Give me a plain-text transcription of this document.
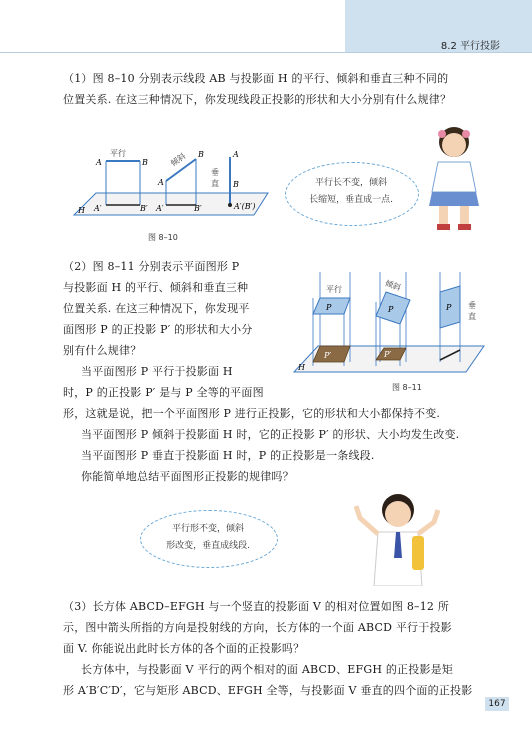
8.2 平行投影
（1）图 8–10 分别表示线段 AB 与投影面 H 的平行、倾斜和垂直三种不同的
位置关系. 在这三种情况下，你发现线段正投影的形状和大小分别有什么规律？
平行	倾斜
垂
直
A	B
A
B	A
B
A′	B′ A′	B′	A′(B′)
H
图 8–10
平行长不变，倾斜
长缩短，垂直成一点.
（2）图 8–11 分别表示平面图形 P
与投影面 H 的平行、倾斜和垂直三种
位置关系. 在这三种情况下，你发现平
面图形 P 的正投影 P′ 的形状和大小分
别有什么规律？
当平面图形 P 平行于投影面 H
时，P 的正投影 P′ 是与 P 全等的平面图
形，这就是说，把一个平面图形 P 进行正投影，它的形状和大小都保持不变.
当平面图形 P 倾斜于投影面 H 时，它的正投影 P′ 的形状、大小均发生改变.
当平面图形 P 垂直于投影面 H 时，P 的正投影是一条线段.
你能简单地总结平面图形正投影的规律吗？
平行	倾斜
垂
直
P	P	P
P′	P′
H
图 8–11
平行形不变，倾斜
形改变，垂直成线段.
（3）长方体 ABCD–EFGH 与一个竖直的投影面 V 的相对位置如图 8–12 所
示，图中箭头所指的方向是投射线的方向，长方体的一个面 ABCD 平行于投影
面 V. 你能说出此时长方体的各个面的正投影吗？
长方体中，与投影面 V 平行的两个相对的面 ABCD、EFGH 的正投影是矩
形 A′B′C′D′，它与矩形 ABCD、EFGH 全等，与投影面 V 垂直的四个面的正投影
167
